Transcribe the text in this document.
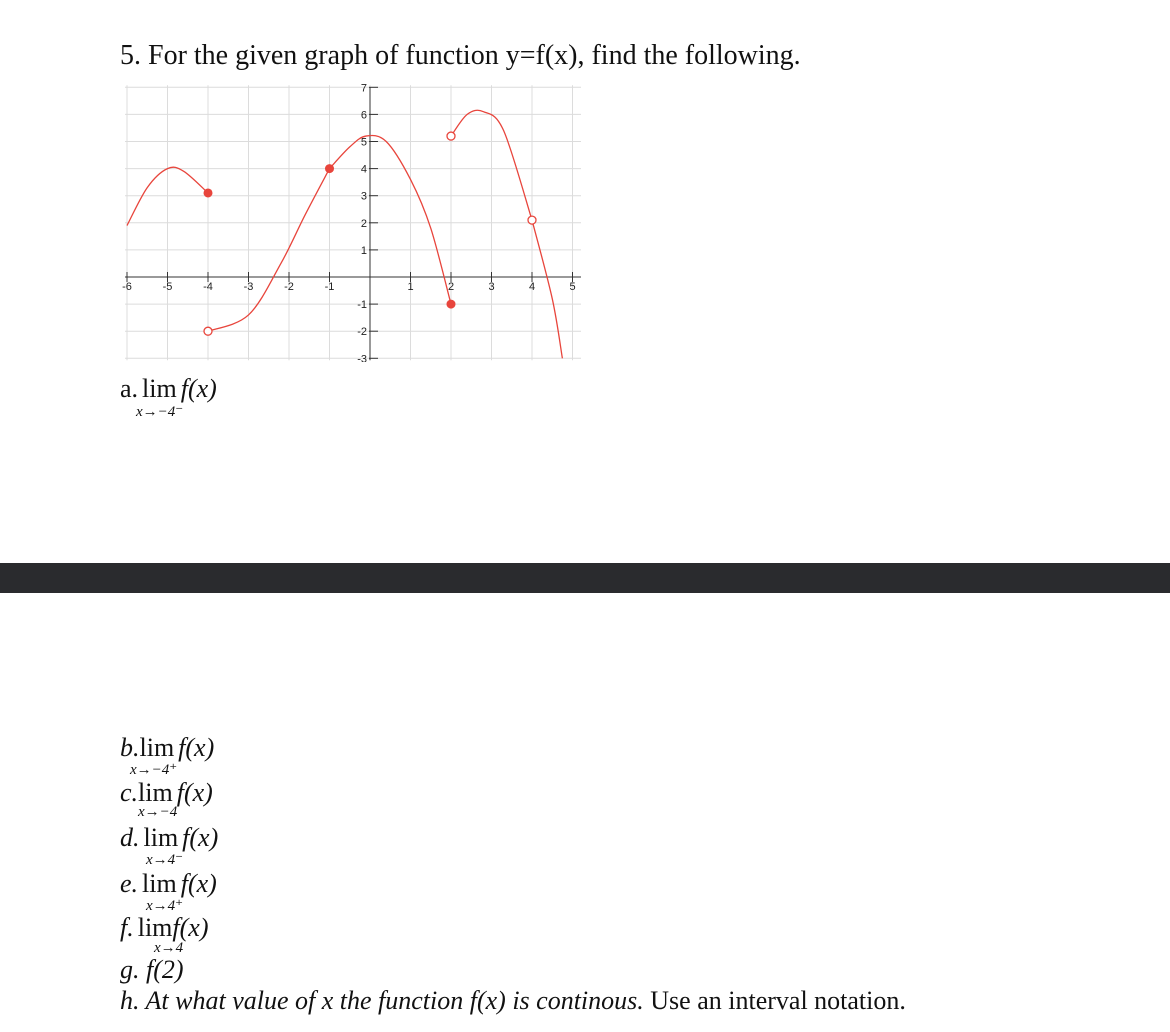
5. For the given graph of function y=f(x), find the following.
-6	-5	-4	-3	-2	-1	1	2	3	4	5
7
6
5
4
3
2
1
-1
-2
-3
a. lim f(x)
x→−4⁻
b.lim f(x)
x→−4⁺
c.lim f(x)
x→−4
d. lim f(x)
x→4⁻
e. lim f(x)
x→4⁺
f. limf(x)
x→4
g. f(2)
h. At what value of x the function f(x) is continous. Use an interval notation.
